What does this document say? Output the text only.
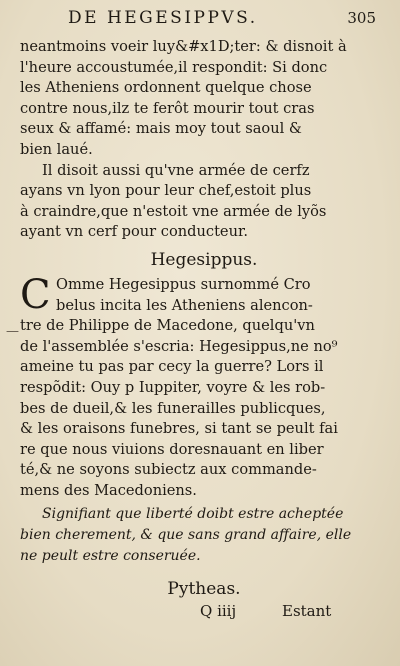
DE HEGESIPPVS.	305
neantmoins voeir luy&#x1D;ter: & disnoit à
l'heure accoustumée,il respondit: Si donc
les Atheniens ordonnent quelque chose
contre nous,ilz te ferôt mourir tout cras
seux & affamé: mais moy tout saoul &
bien laué.
Il disoit aussi qu'vne armée de cerfz
ayans vn lyon pour leur chef,estoit plus
à craindre,que n'estoit vne armée de lyõs
ayant vn cerf pour conducteur.
Hegesippus.
C
—
Omme Hegesippus surnommé Cro
belus incita les Atheniens alencon-
tre de Philippe de Macedone, quelqu'vn
de l'assemblée s'escria: Hegesippus,ne no⁹
ameine tu pas par cecy la guerre? Lors il
respõdit: Ouy p Iuppiter, voyre & les rob-
bes de dueil,& les funerailles publicques,
& les oraisons funebres, si tant se peult fai
re que nous viuions doresnauant en liber
té,& ne soyons subiectz aux commande-
mens des Macedoniens.
Signifiant que liberté doibt estre acheptée
bien cherement, & que sans grand affaire, elle
ne peult estre conseruée.
Pytheas.
Q iiij	Estant
